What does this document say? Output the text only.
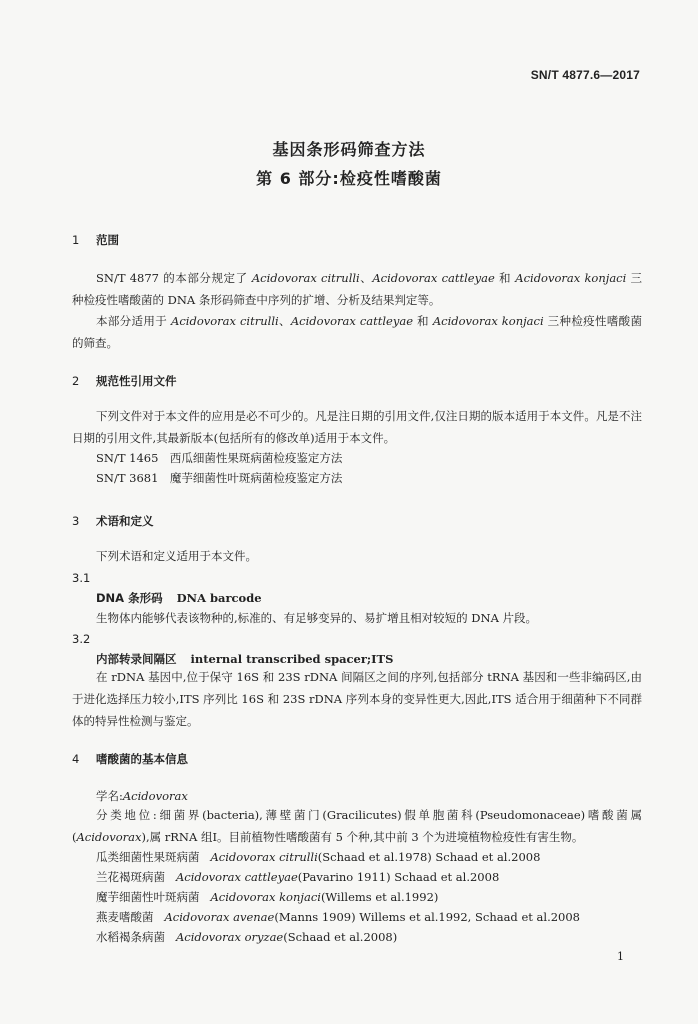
SN/T 4877.6—2017
基因条形码筛查方法
第 6 部分:检疫性嗜酸菌
1 范围
SN/T 4877 的本部分规定了 Acidovorax citrulli、Acidovorax cattleyae 和 Acidovorax konjaci 三种检疫性嗜酸菌的 DNA 条形码筛查中序列的扩增、分析及结果判定等。
本部分适用于 Acidovorax citrulli、Acidovorax cattleyae 和 Acidovorax konjaci 三种检疫性嗜酸菌的筛查。
2 规范性引用文件
下列文件对于本文件的应用是必不可少的。凡是注日期的引用文件,仅注日期的版本适用于本文件。凡是不注日期的引用文件,其最新版本(包括所有的修改单)适用于本文件。
SN/T 1465　西瓜细菌性果斑病菌检疫鉴定方法
SN/T 3681　魔芋细菌性叶斑病菌检疫鉴定方法
3 术语和定义
下列术语和定义适用于本文件。
3.1
DNA 条形码 DNA barcode
生物体内能够代表该物种的,标准的、有足够变异的、易扩增且相对较短的 DNA 片段。
3.2
内部转录间隔区 internal transcribed spacer;ITS
在 rDNA 基因中,位于保守 16S 和 23S rDNA 间隔区之间的序列,包括部分 tRNA 基因和一些非编码区,由于进化选择压力较小,ITS 序列比 16S 和 23S rDNA 序列本身的变异性更大,因此,ITS 适合用于细菌种下不同群体的特异性检测与鉴定。
4 嗜酸菌的基本信息
学名:Acidovorax
分类地位:细菌界(bacteria),薄壁菌门(Gracilicutes)假单胞菌科(Pseudomonaceae)嗜酸菌属(Acidovorax),属 rRNA 组Ⅰ。目前植物性嗜酸菌有 5 个种,其中前 3 个为进境植物检疫性有害生物。
瓜类细菌性果斑病菌 Acidovorax citrulli(Schaad et al.1978) Schaad et al.2008
兰花褐斑病菌 Acidovorax cattleyae(Pavarino 1911) Schaad et al.2008
魔芋细菌性叶斑病菌 Acidovorax konjaci(Willems et al.1992)
燕麦嗜酸菌 Acidovorax avenae(Manns 1909) Willems et al.1992, Schaad et al.2008
水稻褐条病菌 Acidovorax oryzae(Schaad et al.2008)
1
